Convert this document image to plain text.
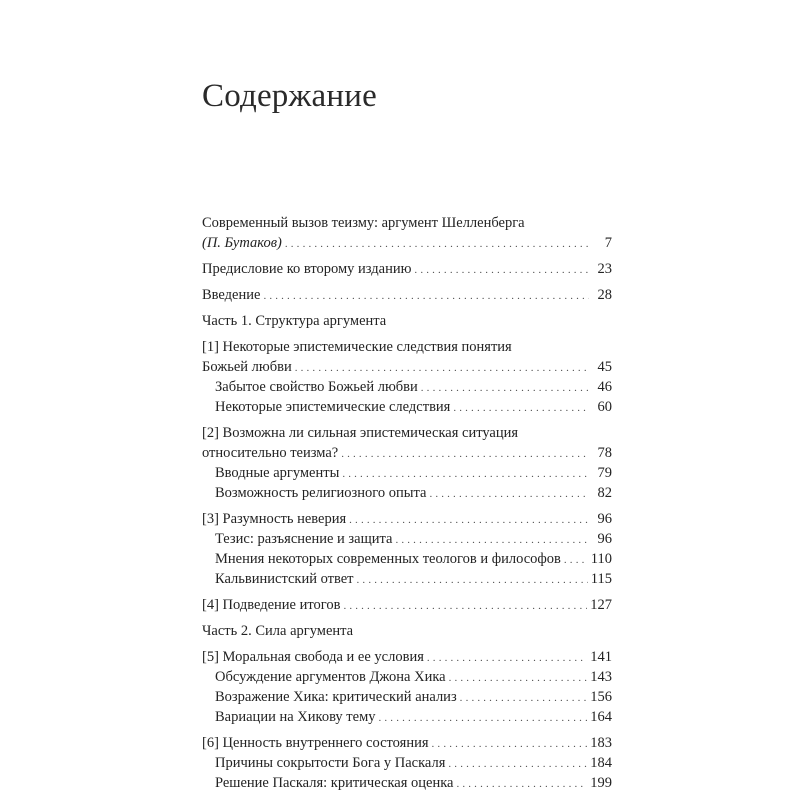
Содержание
Современный вызов теизму: аргумент Шелленберга
(П. Бутаков) . . .	7
Предисловие ко второму изданию . . .	23
Введение . . .	28
Часть 1. Структура аргумента
[1] Некоторые эпистемические следствия понятия
Божьей любви . . .	45
Забытое свойство Божьей любви . . .	46
Некоторые эпистемические следствия . . .	60
[2] Возможна ли сильная эпистемическая ситуация
относительно теизма? . . .	78
Вводные аргументы . . .	79
Возможность религиозного опыта . . .	82
[3] Разумность неверия . . .	96
Тезис: разъяснение и защита . . .	96
Мнения некоторых современных теологов и философов . . . 110
Кальвинистский ответ . . .	115
[4] Подведение итогов . . .	127
Часть 2. Сила аргумента
[5] Моральная свобода и ее условия . . .	141
Обсуждение аргументов Джона Хика . . .	143
Возражение Хика: критический анализ . . .	156
Вариации на Хикову тему . . .	164
[6] Ценность внутреннего состояния . . .	183
Причины сокрытости Бога у Паскаля . . .	184
Решение Паскаля: критическая оценка . . .	199
